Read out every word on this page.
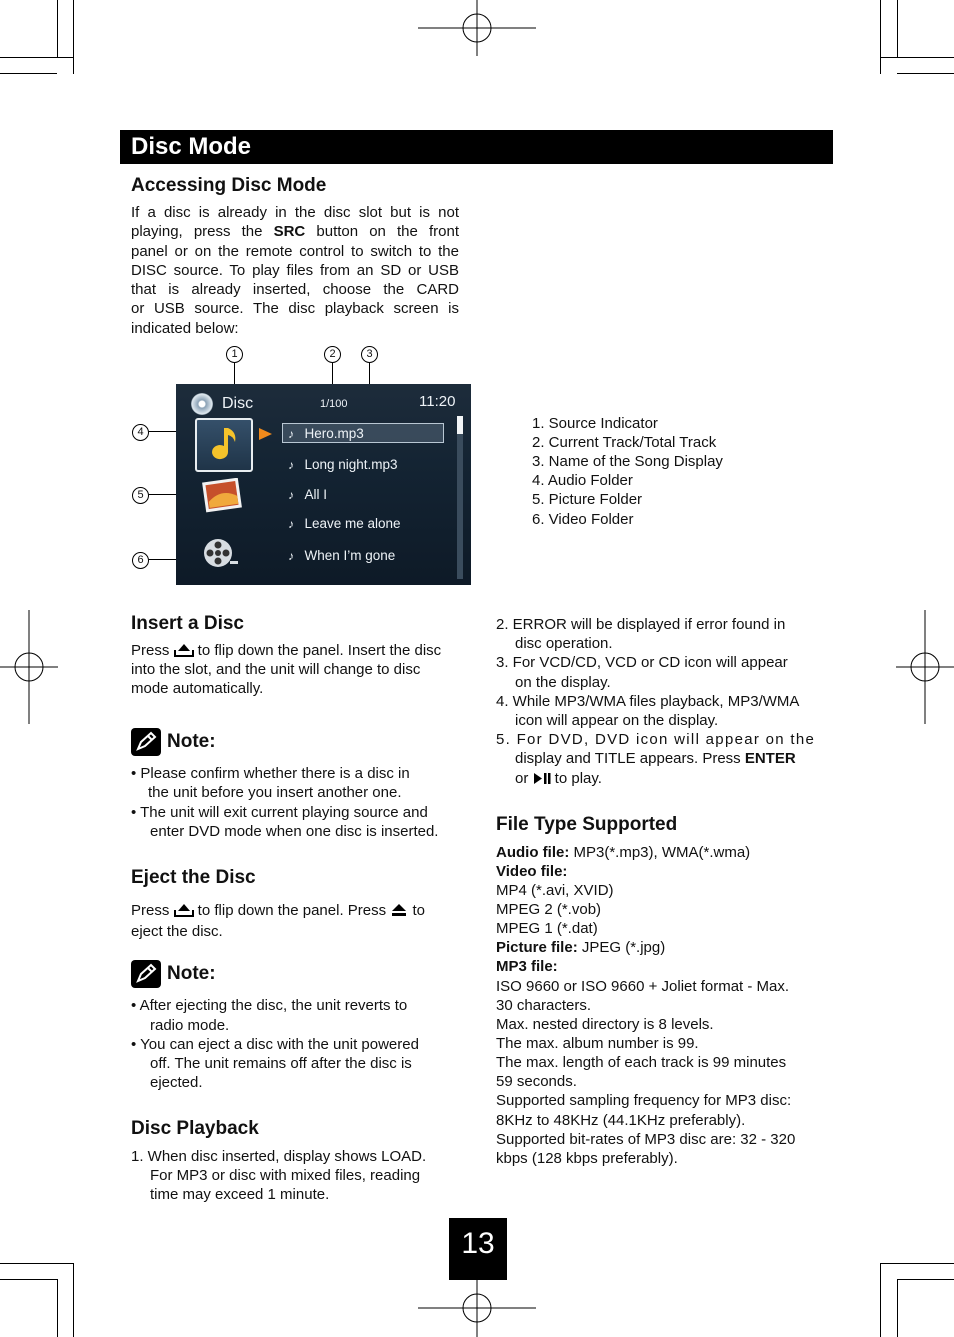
Disc Mode
Accessing Disc Mode
If a disc is already in the disc slot but is not
playing, press the SRC button on the front
panel or on the remote control to switch to the
DISC source. To play files from an SD or USB
that is already inserted, choose the CARD
or USB source. The disc playback screen is
indicated below:
1	2	3
4
5
6
Disc	1/100	11:20
♪ Hero.mp3
♪ Long night.mp3
♪ All I
♪ Leave me alone
♪ When I’m gone
1. Source Indicator
2. Current Track/Total Track
3. Name of the Song Display
4. Audio Folder
5. Picture Folder
6. Video Folder
Insert a Disc
Press  to flip down the panel. Insert the disc
into the slot, and the unit will change to disc
mode automatically.
Note:
• Please confirm whether there is a disc in
the unit before you insert another one.
• The unit will exit current playing source and
enter DVD mode when one disc is inserted.
Eject the Disc
Press  to flip down the panel. Press  to
eject the disc.
Note:
• After ejecting the disc, the unit reverts to
radio mode.
• You can eject a disc with the unit powered
off. The unit remains off after the disc is
ejected.
Disc Playback
1. When disc inserted, display shows LOAD.
For MP3 or disc with mixed files, reading
time may exceed 1 minute.
2. ERROR will be displayed if error found in
disc operation.
3. For VCD/CD, VCD or CD icon will appear
on the display.
4. While MP3/WMA files playback, MP3/WMA
icon will appear on the display.
5. For DVD, DVD icon will appear on the
display and TITLE appears. Press ENTER
or  to play.
File Type Supported
Audio file: MP3(*.mp3), WMA(*.wma)
Video file:
MP4 (*.avi, XVID)
MPEG 2 (*.vob)
MPEG 1 (*.dat)
Picture file: JPEG (*.jpg)
MP3 file:
ISO 9660 or ISO 9660 + Joliet format - Max.
30 characters.
Max. nested directory is 8 levels.
The max. album number is 99.
The max. length of each track is 99 minutes
59 seconds.
Supported sampling frequency for MP3 disc:
8KHz to 48KHz (44.1KHz preferably).
Supported bit-rates of MP3 disc are: 32 - 320
kbps (128 kbps preferably).
13
